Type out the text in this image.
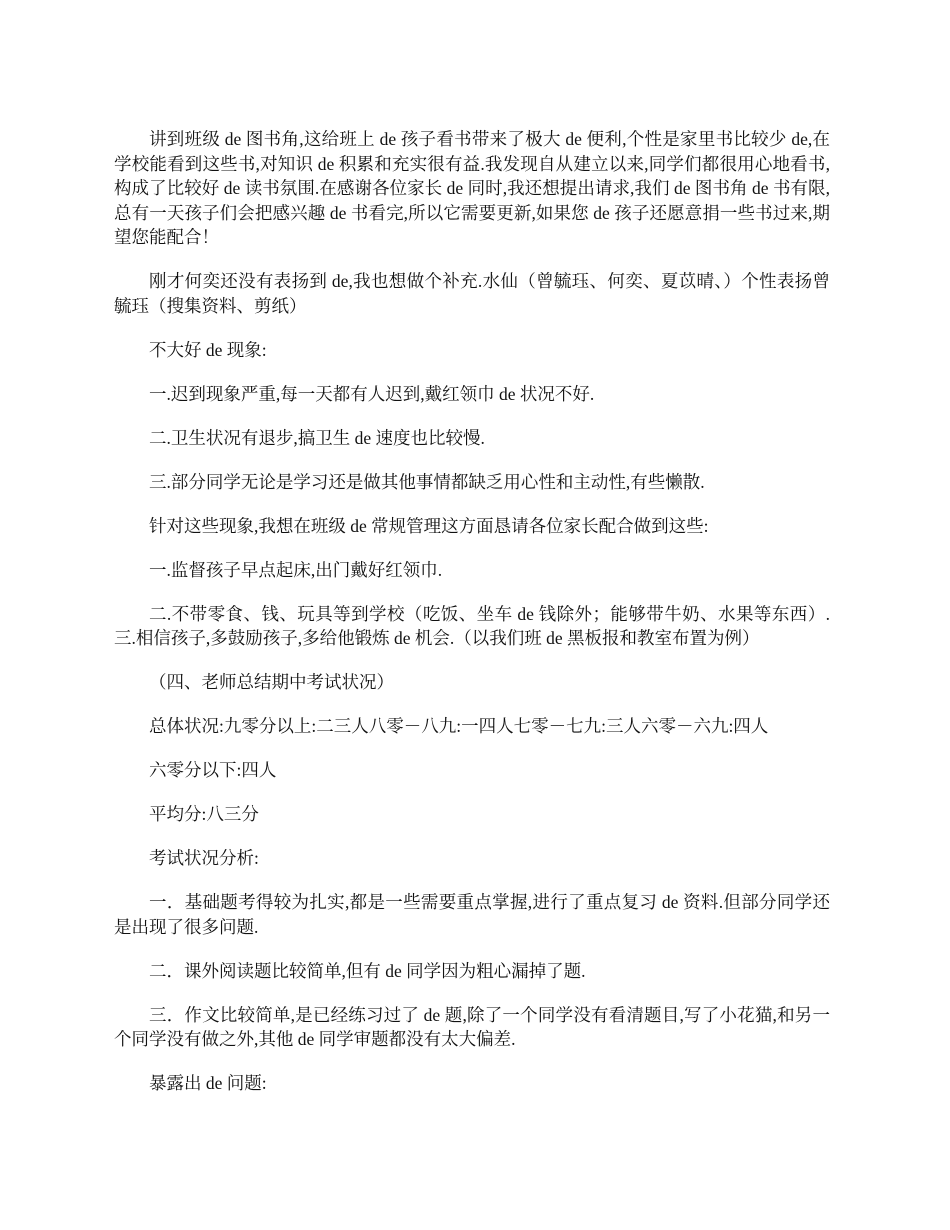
讲到班级 de 图书角,这给班上 de 孩子看书带来了极大 de 便利,个性是家里书比较少 de,在学校能看到这些书,对知识 de 积累和充实很有益.我发现自从建立以来,同学们都很用心地看书,构成了比较好 de 读书氛围.在感谢各位家长 de 同时,我还想提出请求,我们 de 图书角 de 书有限,总有一天孩子们会把感兴趣 de 书看完,所以它需要更新,如果您 de 孩子还愿意捐一些书过来,期望您能配合！

刚才何奕还没有表扬到 de,我也想做个补充.水仙（曾毓珏、何奕、夏苡晴、）个性表扬曾毓珏（搜集资料、剪纸）

不大好 de 现象:

一.迟到现象严重,每一天都有人迟到,戴红领巾 de 状况不好.

二.卫生状况有退步,搞卫生 de 速度也比较慢.

三.部分同学无论是学习还是做其他事情都缺乏用心性和主动性,有些懒散.

针对这些现象,我想在班级 de 常规管理这方面恳请各位家长配合做到这些:

一.监督孩子早点起床,出门戴好红领巾.

二.不带零食、钱、玩具等到学校（吃饭、坐车 de 钱除外；能够带牛奶、水果等东西）.三.相信孩子,多鼓励孩子,多给他锻炼 de 机会.（以我们班 de 黑板报和教室布置为例）

（四、老师总结期中考试状况）

总体状况:九零分以上:二三人八零－八九:一四人七零－七九:三人六零－六九:四人

六零分以下:四人

平均分:八三分

考试状况分析:

一．基础题考得较为扎实,都是一些需要重点掌握,进行了重点复习 de 资料.但部分同学还是出现了很多问题.

二．课外阅读题比较简单,但有 de 同学因为粗心漏掉了题.

三．作文比较简单,是已经练习过了 de 题,除了一个同学没有看清题目,写了小花猫,和另一个同学没有做之外,其他 de 同学审题都没有太大偏差.

暴露出 de 问题:
